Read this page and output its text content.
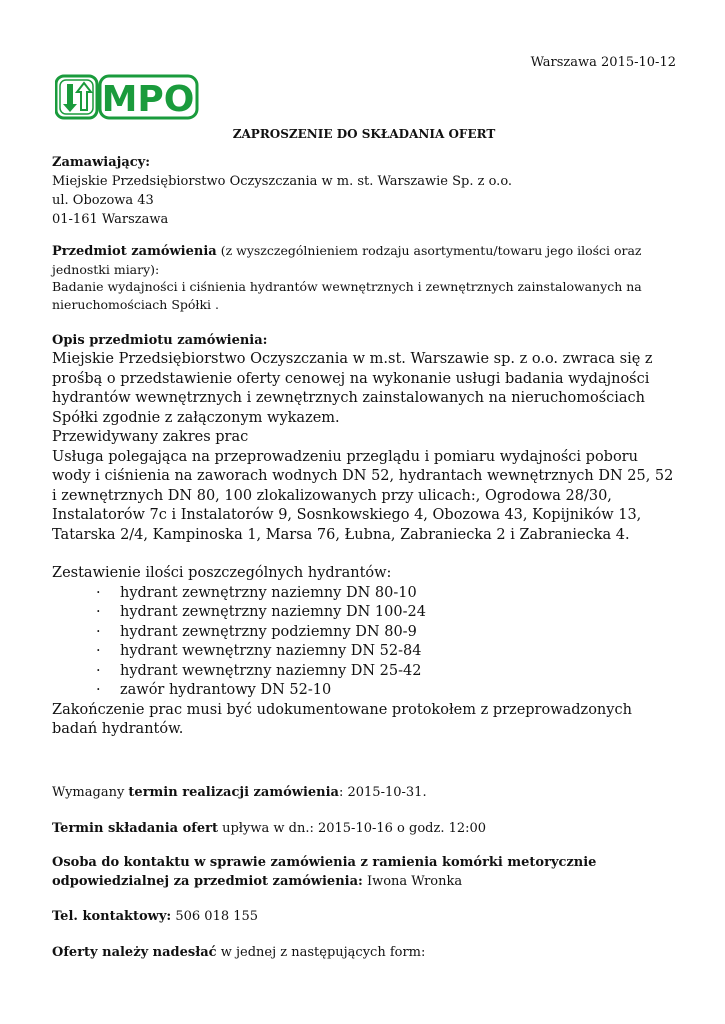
Warszawa 2015-10-12
MPO
ZAPROSZENIE DO SKŁADANIA OFERT

Zamawiający:

Miejskie Przedsiębiorstwo Oczyszczania w m. st. Warszawie Sp. z o.o.

ul. Obozowa 43

01-161 Warszawa

Przedmiot zamówienia (z wyszczególnieniem rodzaju asortymentu/towaru jego ilości oraz jednostki miary):

Badanie wydajności i ciśnienia hydrantów wewnętrznych i zewnętrznych zainstalowanych na nieruchomościach Spółki .

Opis przedmiotu zamówienia:

Miejskie Przedsiębiorstwo Oczyszczania w m.st. Warszawie sp. z o.o. zwraca się z prośbą o przedstawienie oferty cenowej na wykonanie usługi badania wydajności hydrantów wewnętrznych i zewnętrznych zainstalowanych na nieruchomościach Spółki zgodnie z załączonym wykazem.

Przewidywany zakres prac

Usługa polegająca na przeprowadzeniu przeglądu i pomiaru wydajności poboru wody i ciśnienia na zaworach wodnych DN 52, hydrantach wewnętrznych DN 25, 52 i zewnętrznych DN 80, 100 zlokalizowanych przy ulicach:, Ogrodowa 28/30, Instalatorów 7c i Instalatorów 9, Sosnkowskiego 4, Obozowa 43, Kopijników 13, Tatarska 2/4, Kampinoska 1, Marsa 76, Łubna, Zabraniecka 2 i Zabraniecka 4.

Zestawienie ilości poszczególnych hydrantów:

· hydrant zewnętrzny naziemny DN 80-10
· hydrant zewnętrzny naziemny DN 100-24
· hydrant zewnętrzny podziemny DN 80-9
· hydrant wewnętrzny naziemny DN 52-84
· hydrant wewnętrzny naziemny DN 25-42
· zawór hydrantowy DN 52-10

Zakończenie prac musi być udokumentowane protokołem z przeprowadzonych badań hydrantów.

Wymagany termin realizacji zamówienia: 2015-10-31.

Termin składania ofert upływa w dn.: 2015-10-16 o godz. 12:00

Osoba do kontaktu w sprawie zamówienia z ramienia komórki metorycznie odpowiedzialnej za przedmiot zamówienia: Iwona Wronka

Tel. kontaktowy: 506 018 155

Oferty należy nadesłać w jednej z następujących form:
